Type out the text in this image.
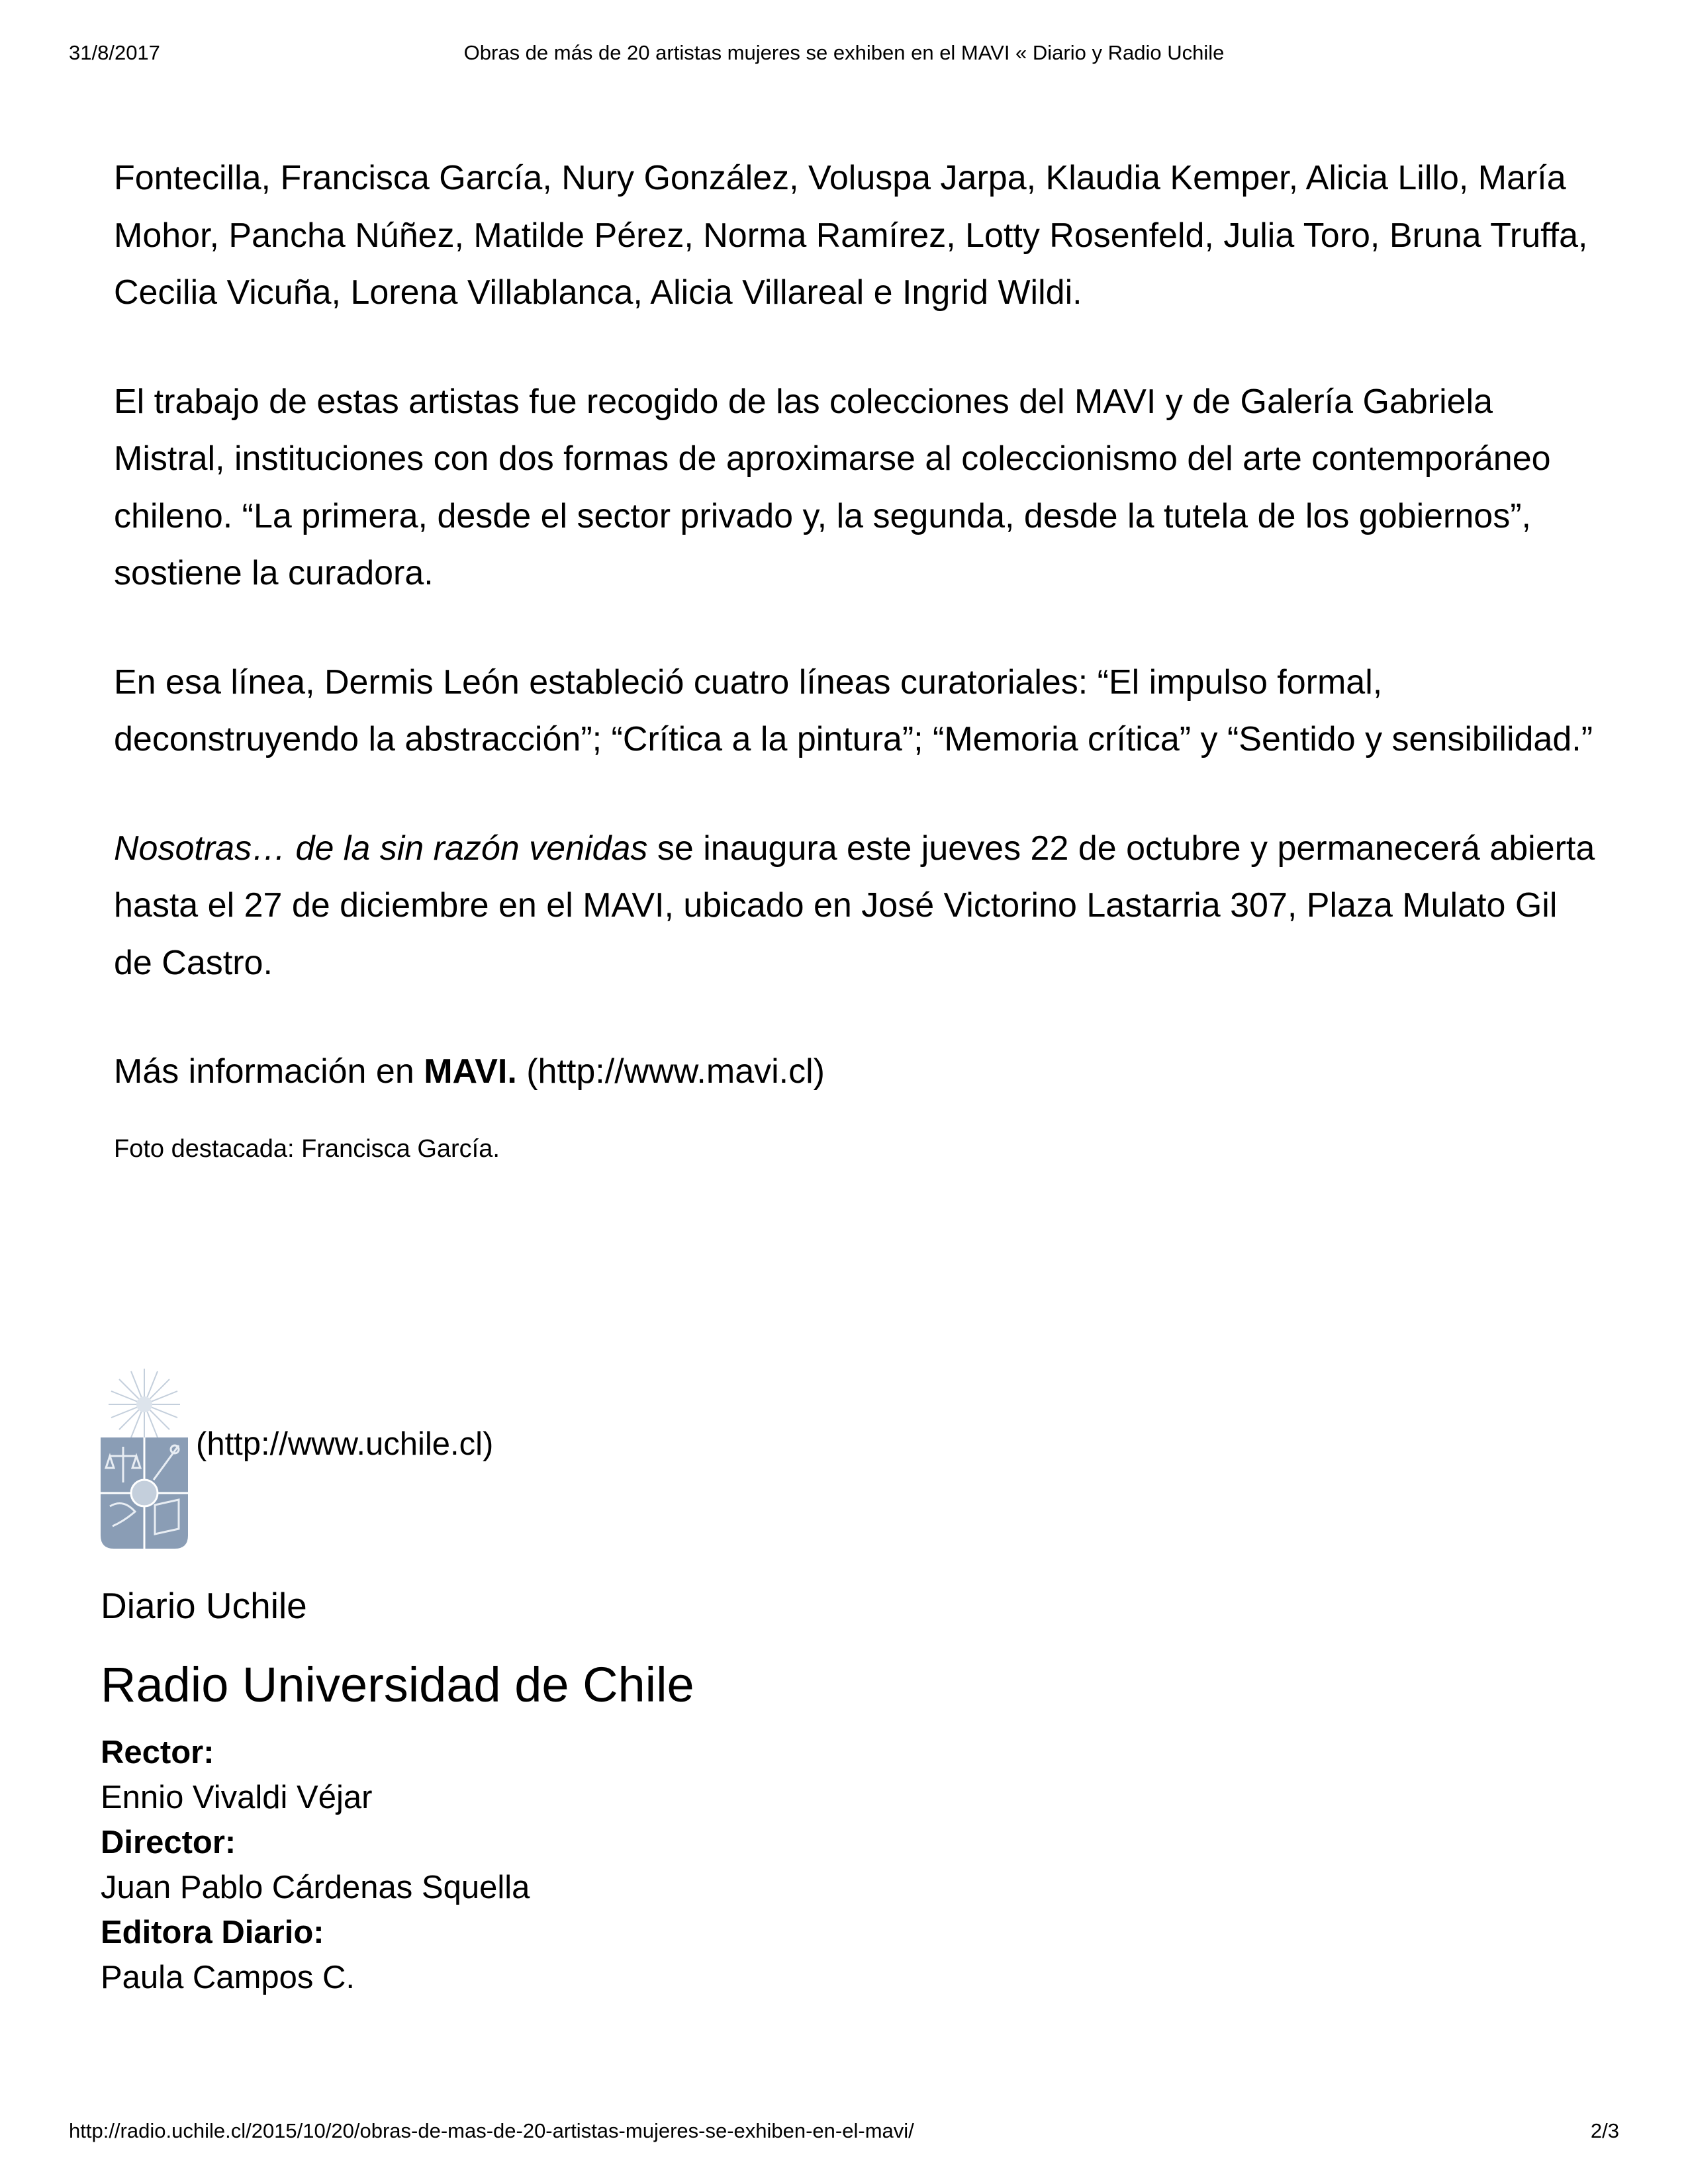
31/8/2017	Obras de más de 20 artistas mujeres se exhiben en el MAVI « Diario y Radio Uchile

Fontecilla, Francisca García, Nury González, Voluspa Jarpa, Klaudia Kemper, Alicia Lillo, María Mohor, Pancha Núñez, Matilde Pérez, Norma Ramírez, Lotty Rosenfeld, Julia Toro, Bruna Truffa, Cecilia Vicuña, Lorena Villablanca, Alicia Villareal e Ingrid Wildi.

El trabajo de estas artistas fue recogido de las colecciones del MAVI y de Galería Gabriela Mistral, instituciones con dos formas de aproximarse al coleccionismo del arte contemporáneo chileno. “La primera, desde el sector privado y, la segunda, desde la tutela de los gobiernos”, sostiene la curadora.

En esa línea, Dermis León estableció cuatro líneas curatoriales: “El impulso formal, deconstruyendo la abstracción”; “Crítica a la pintura”; “Memoria crítica” y “Sentido y sensibilidad.”

Nosotras… de la sin razón venidas se inaugura este jueves 22 de octubre y permanecerá abierta hasta el 27 de diciembre en el MAVI, ubicado en José Victorino Lastarria 307, Plaza Mulato Gil de Castro.

Más información en MAVI. (http://www.mavi.cl)

Foto destacada: Francisca García.
(http://www.uchile.cl)
Diario Uchile
Radio Universidad de Chile
Rector:
Ennio Vivaldi Véjar
Director:
Juan Pablo Cárdenas Squella
Editora Diario:
Paula Campos C.
http://radio.uchile.cl/2015/10/20/obras-de-mas-de-20-artistas-mujeres-se-exhiben-en-el-mavi/	2/3
